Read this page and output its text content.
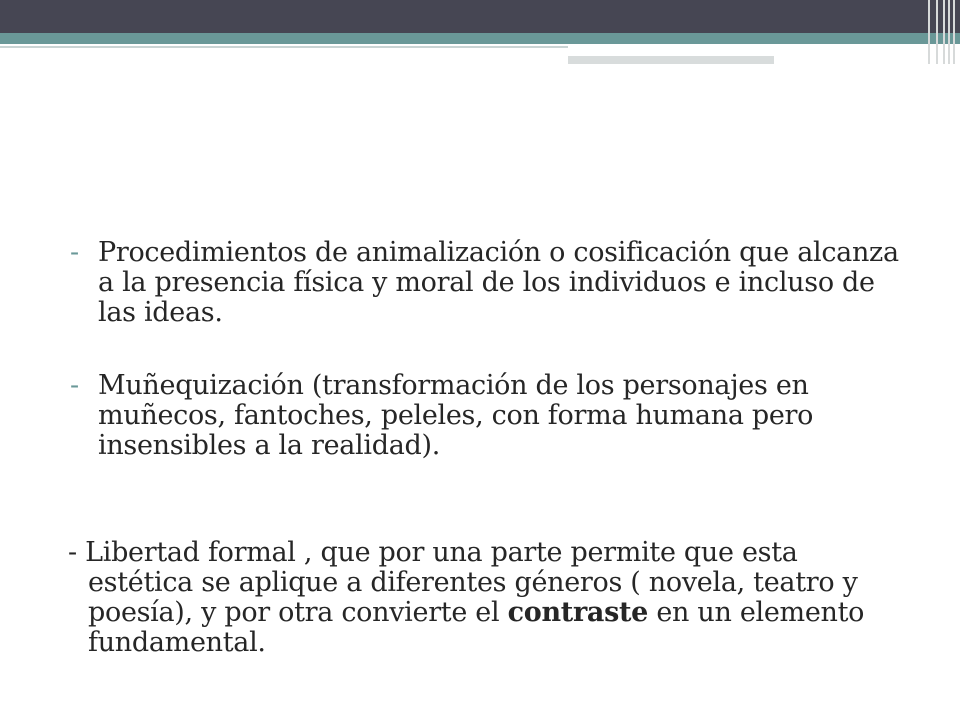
- Procedimientos de animalización o cosificación que alcanza a la presencia física y moral de los individuos e incluso de las ideas.
- Muñequización (transformación de los personajes en muñecos, fantoches, peleles, con forma humana pero insensibles a la realidad).
- Libertad formal , que por una parte permite que esta
estética se aplique a diferentes géneros ( novela, teatro y poesía), y por otra convierte el contraste en un elemento fundamental.
